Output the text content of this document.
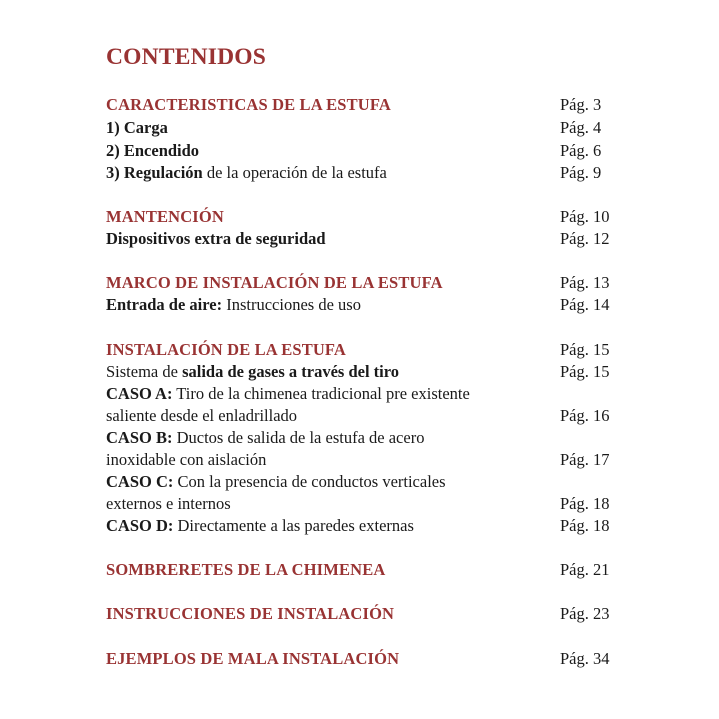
CONTENIDOS
CARACTERISTICAS DE LA ESTUFA	Pág. 3
1) Carga	Pág. 4
2) Encendido	Pág. 6
3) Regulación de la operación de la estufa	Pág. 9
MANTENCIÓN	Pág. 10
Dispositivos extra de seguridad	Pág. 12
MARCO DE INSTALACIÓN DE LA ESTUFA	Pág. 13
Entrada de aire: Instrucciones de uso	Pág. 14
INSTALACIÓN DE LA ESTUFA	Pág. 15
Sistema de salida de gases a través del tiro	Pág. 15
CASO A: Tiro de la chimenea tradicional pre existente
saliente desde el enladrillado	Pág. 16
CASO B: Ductos de salida de la estufa de acero
inoxidable con aislación	Pág. 17
CASO C: Con la presencia de conductos verticales
externos e internos	Pág. 18
CASO D: Directamente a las paredes externas	Pág. 18
SOMBRERETES DE LA CHIMENEA	Pág. 21
INSTRUCCIONES DE INSTALACIÓN	Pág. 23
EJEMPLOS DE MALA INSTALACIÓN	Pág. 34
